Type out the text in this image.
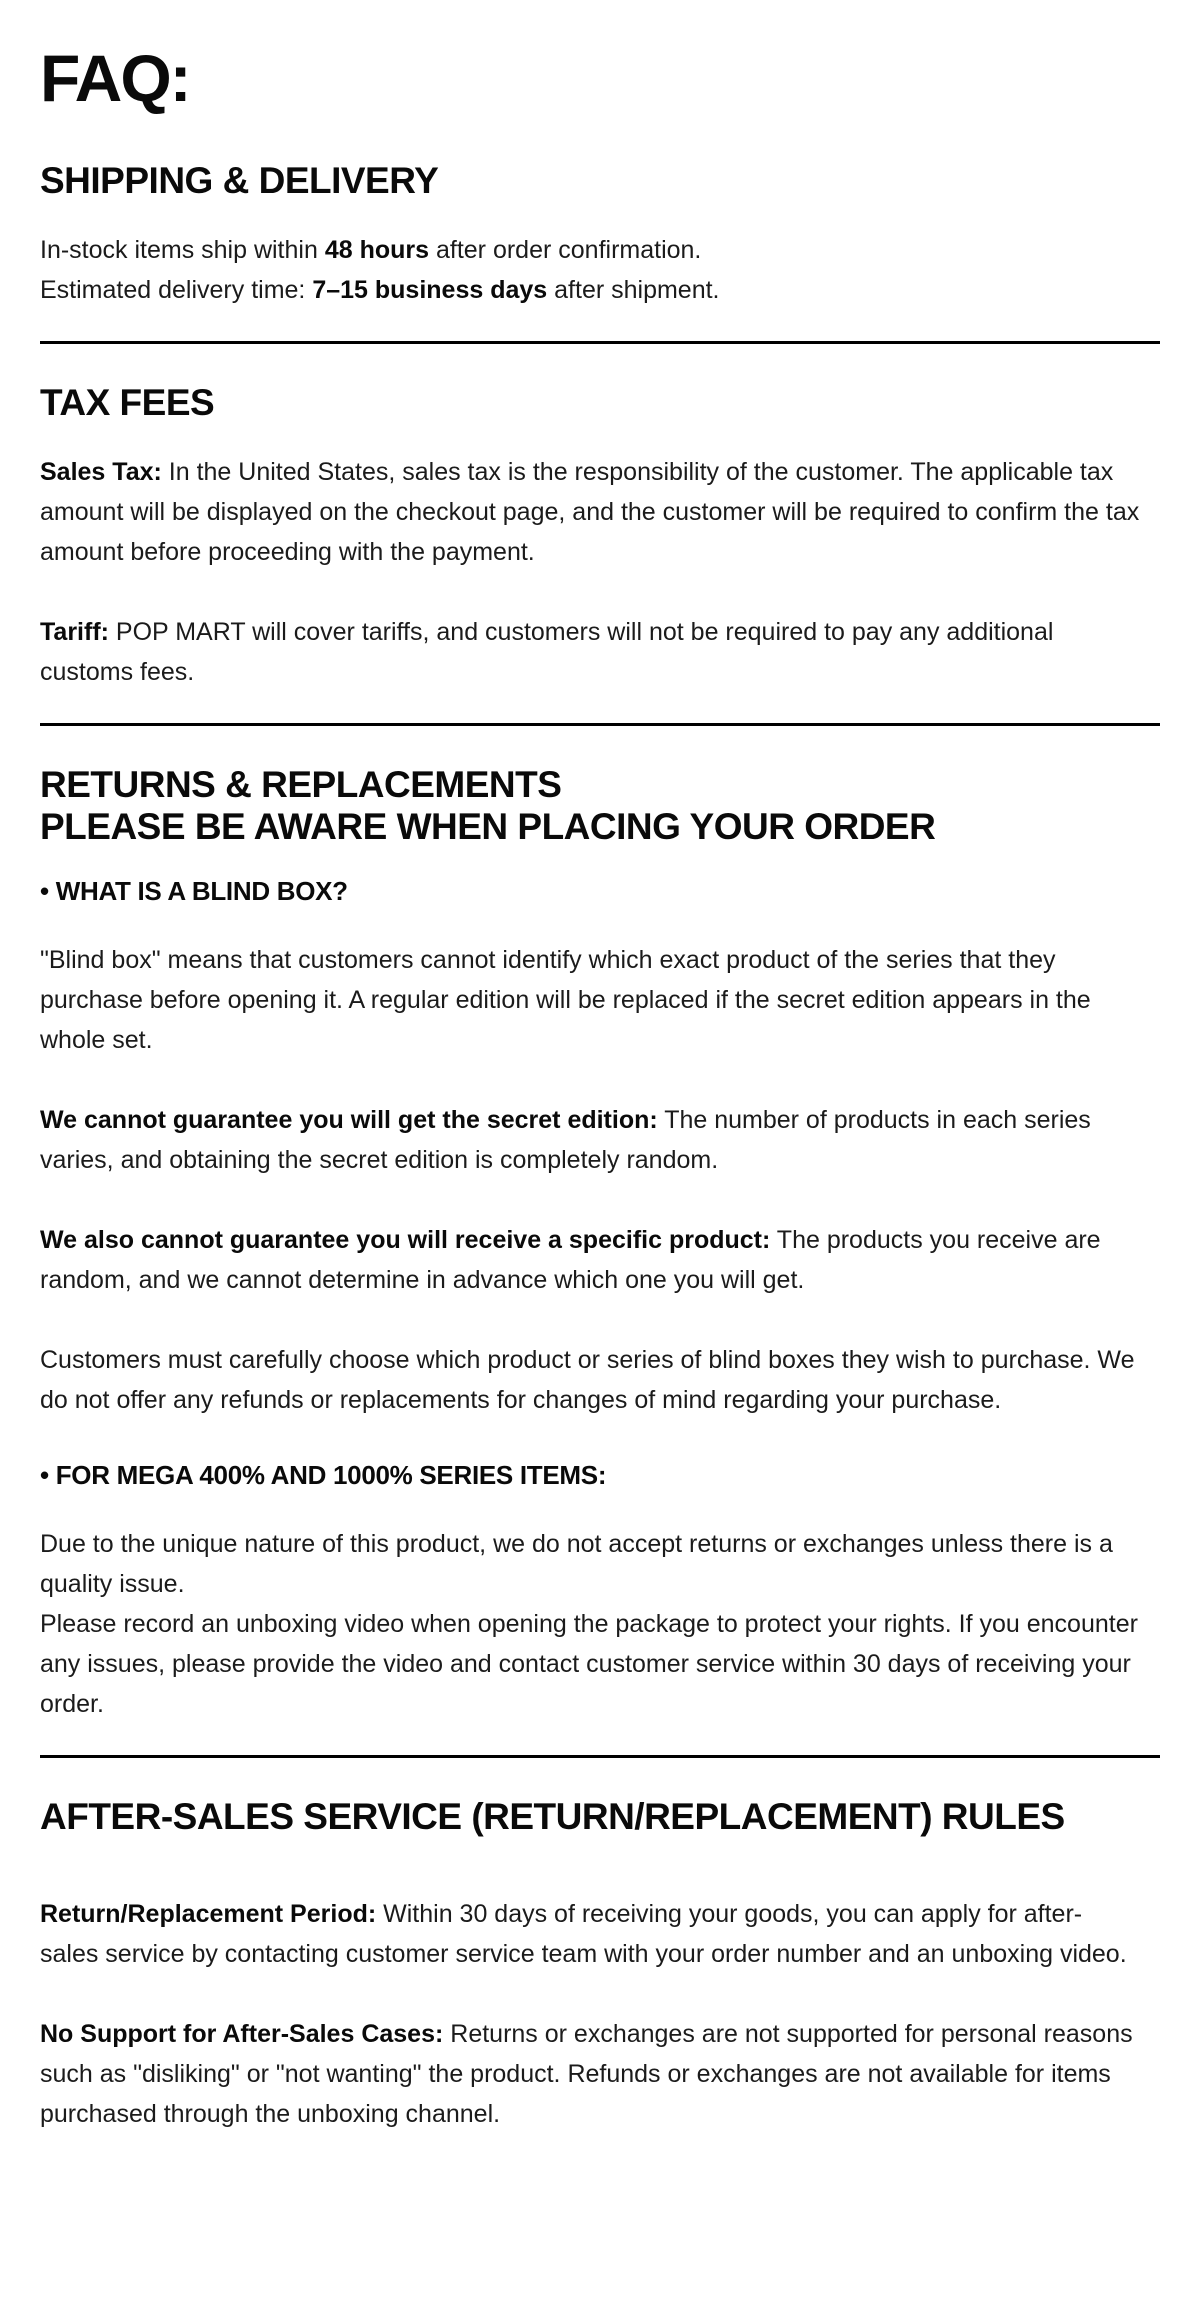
FAQ:
SHIPPING & DELIVERY

In-stock items ship within 48 hours after order confirmation.
Estimated delivery time: 7–15 business days after shipment.

TAX FEES

Sales Tax: In the United States, sales tax is the responsibility of the customer. The applicable tax amount will be displayed on the checkout page, and the customer will be required to confirm the tax amount before proceeding with the payment.

Tariff: POP MART will cover tariffs, and customers will not be required to pay any additional customs fees.

RETURNS & REPLACEMENTS
PLEASE BE AWARE WHEN PLACING YOUR ORDER
• WHAT IS A BLIND BOX?

"Blind box" means that customers cannot identify which exact product of the series that they purchase before opening it. A regular edition will be replaced if the secret edition appears in the whole set.

We cannot guarantee you will get the secret edition: The number of products in each series varies, and obtaining the secret edition is completely random.

We also cannot guarantee you will receive a specific product: The products you receive are random, and we cannot determine in advance which one you will get.

Customers must carefully choose which product or series of blind boxes they wish to purchase. We do not offer any refunds or replacements for changes of mind regarding your purchase.

• FOR MEGA 400% AND 1000% SERIES ITEMS:

Due to the unique nature of this product, we do not accept returns or exchanges unless there is a quality issue.
Please record an unboxing video when opening the package to protect your rights. If you encounter any issues, please provide the video and contact customer service within 30 days of receiving your order.

AFTER-SALES SERVICE (RETURN/REPLACEMENT) RULES

Return/Replacement Period: Within 30 days of receiving your goods, you can apply for after-sales service by contacting customer service team with your order number and an unboxing video.

No Support for After-Sales Cases: Returns or exchanges are not supported for personal reasons such as "disliking" or "not wanting" the product. Refunds or exchanges are not available for items purchased through the unboxing channel.
